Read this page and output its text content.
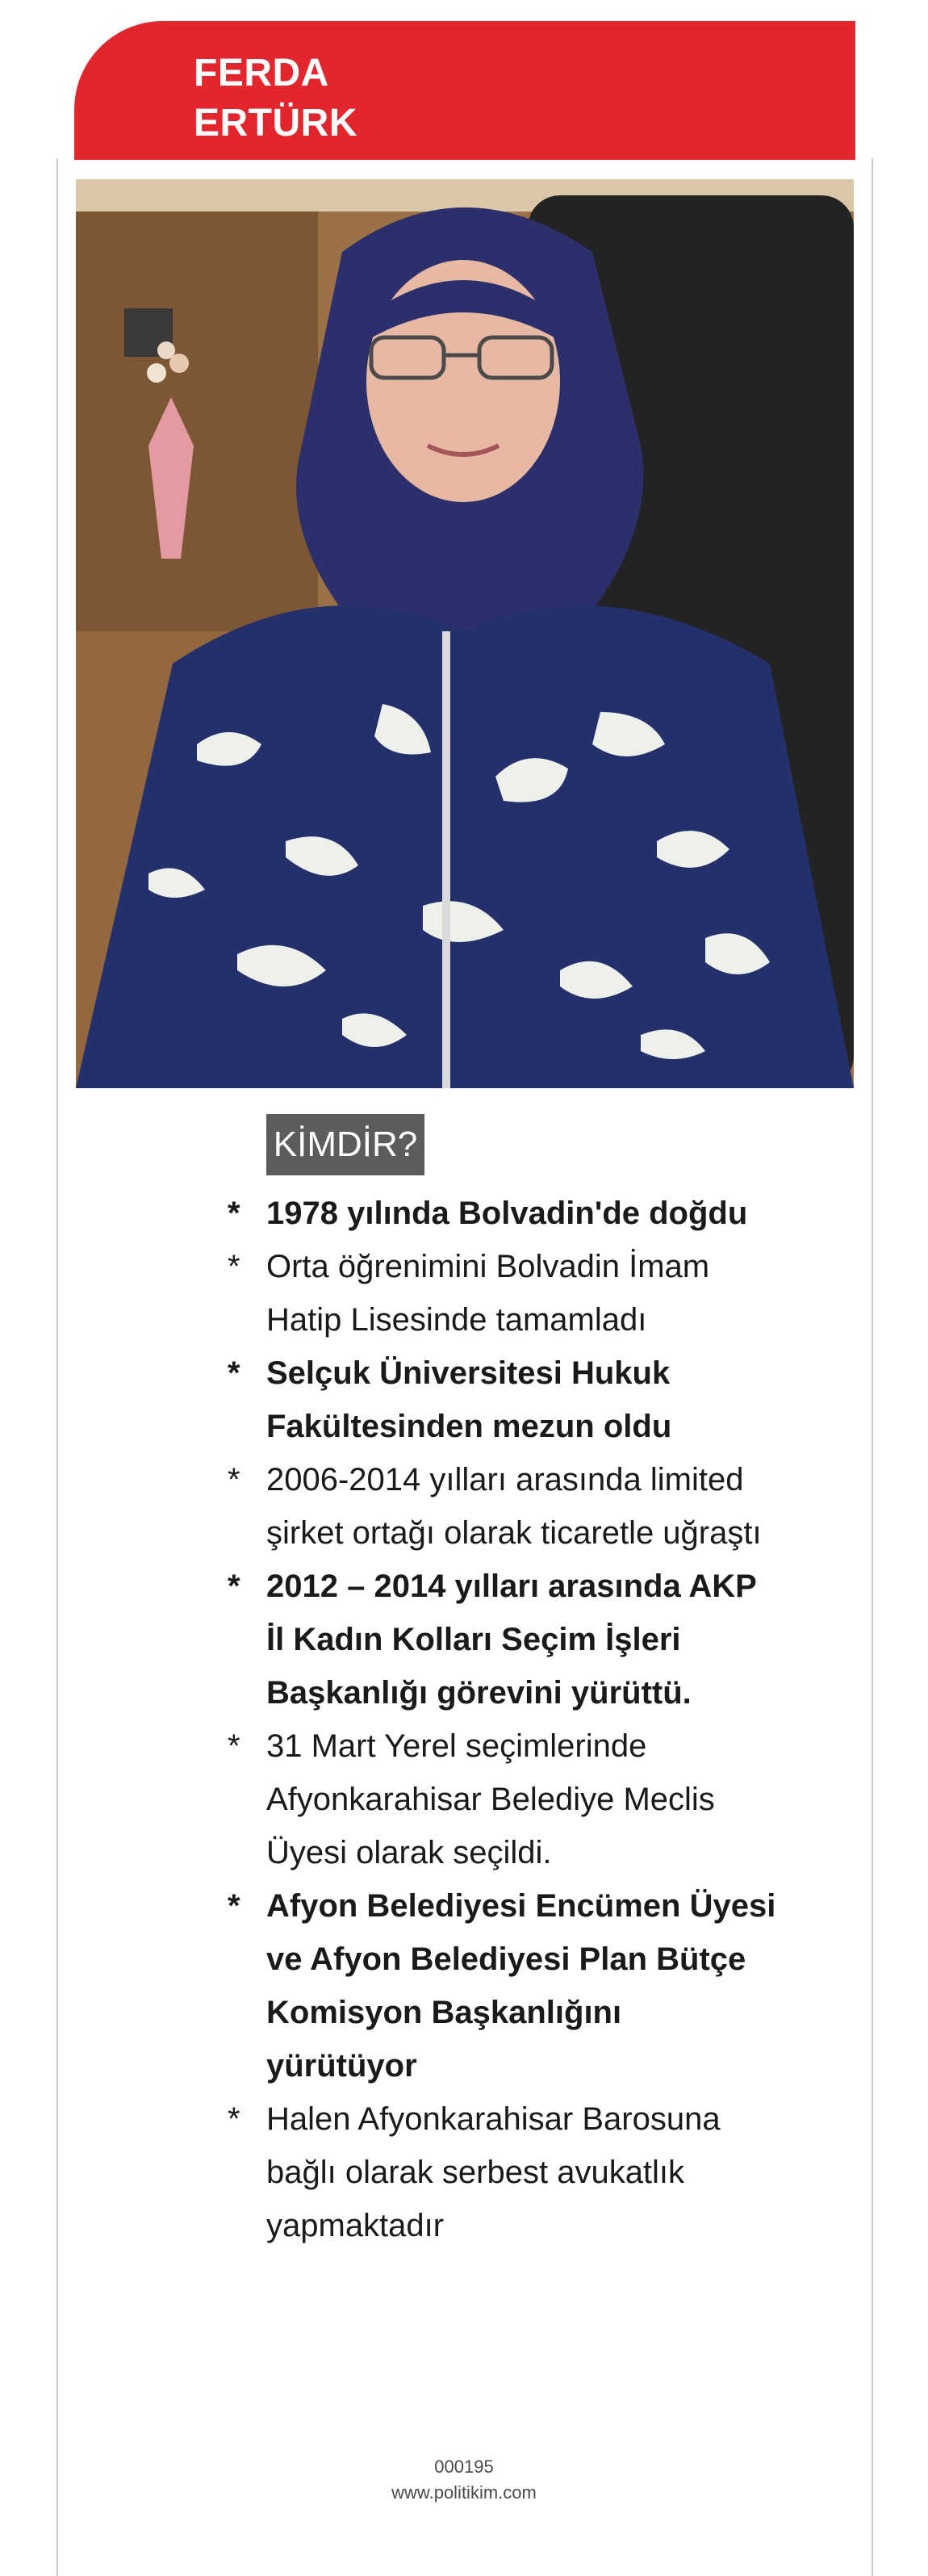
FERDA
ERTÜRK
KİMDİR?
* 1978 yılında Bolvadin'de doğdu
* Orta öğrenimini Bolvadin İmam Hatip Lisesinde tamamladı
* Selçuk Üniversitesi Hukuk Fakültesinden mezun oldu
* 2006-2014 yılları arasında limited şirket ortağı olarak ticaretle uğraştı
* 2012 – 2014 yılları arasında AKP İl Kadın Kolları Seçim İşleri Başkanlığı görevini yürüttü.
* 31 Mart Yerel seçimlerinde Afyonkarahisar Belediye Meclis Üyesi olarak seçildi.
* Afyon Belediyesi Encümen Üyesi ve Afyon Belediyesi Plan Bütçe Komisyon Başkanlığını yürütüyor
* Halen Afyonkarahisar Barosuna bağlı olarak serbest avukatlık yapmaktadır
000195
www.politikim.com
